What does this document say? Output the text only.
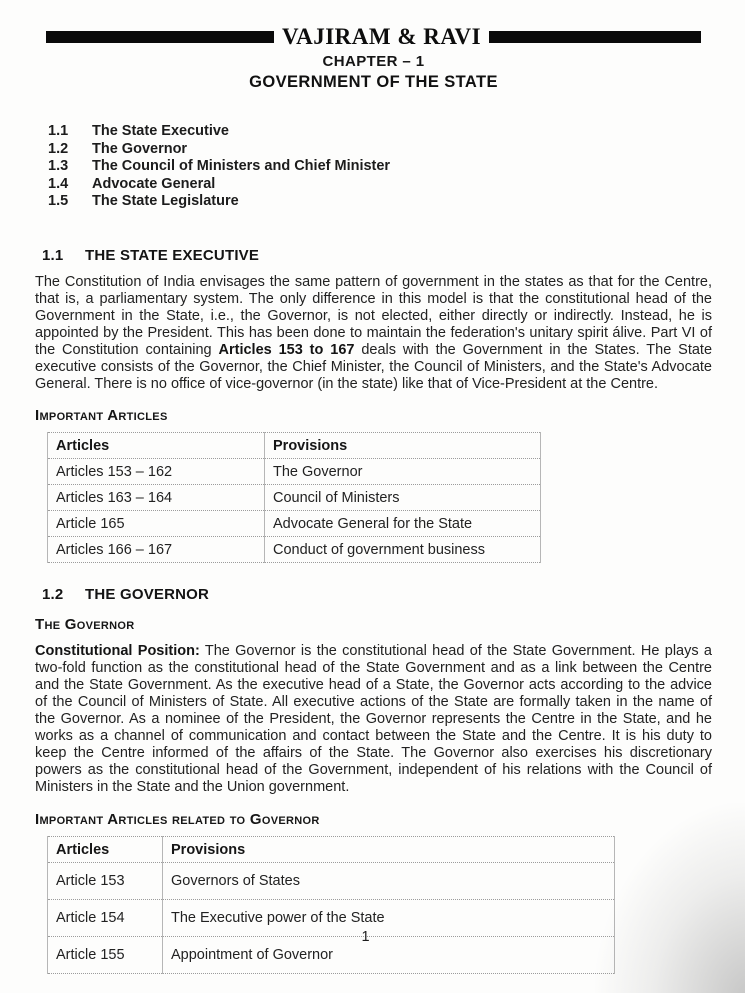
VAJIRAM & RAVI
CHAPTER – 1
GOVERNMENT OF THE STATE
1.1	The State Executive
1.2	The Governor
1.3	The Council of Ministers and Chief Minister
1.4	Advocate General
1.5	The State Legislature
1.1	THE STATE EXECUTIVE

The Constitution of India envisages the same pattern of government in the states as that for the Centre, that is, a parliamentary system. The only difference in this model is that the constitutional head of the Government in the State, i.e., the Governor, is not elected, either directly or indirectly. Instead, he is appointed by the President. This has been done to maintain the federation's unitary spirit álive. Part VI of the Constitution containing Articles 153 to 167 deals with the Government in the States. The State executive consists of the Governor, the Chief Minister, the Council of Ministers, and the State's Advocate General. There is no office of vice-governor (in the state) like that of Vice-President at the Centre.

Important Articles
Articles	Provisions
Articles 153 – 162	The Governor
Articles 163 – 164	Council of Ministers
Article 165	Advocate General for the State
Articles 166 – 167	Conduct of government business
1.2	THE GOVERNOR
The Governor

Constitutional Position: The Governor is the constitutional head of the State Government. He plays a two-fold function as the constitutional head of the State Government and as a link between the Centre and the State Government. As the executive head of a State, the Governor acts according to the advice of the Council of Ministers of State. All executive actions of the State are formally taken in the name of the Governor. As a nominee of the President, the Governor represents the Centre in the State, and he works as a channel of communication and contact between the State and the Centre. It is his duty to keep the Centre informed of the affairs of the State. The Governor also exercises his discretionary powers as the constitutional head of the Government, independent of his relations with the Council of Ministers in the State and the Union government.

Important Articles related to Governor
Articles	Provisions
Article 153	Governors of States
Article 154	The Executive power of the State
Article 155	Appointment of Governor
1
